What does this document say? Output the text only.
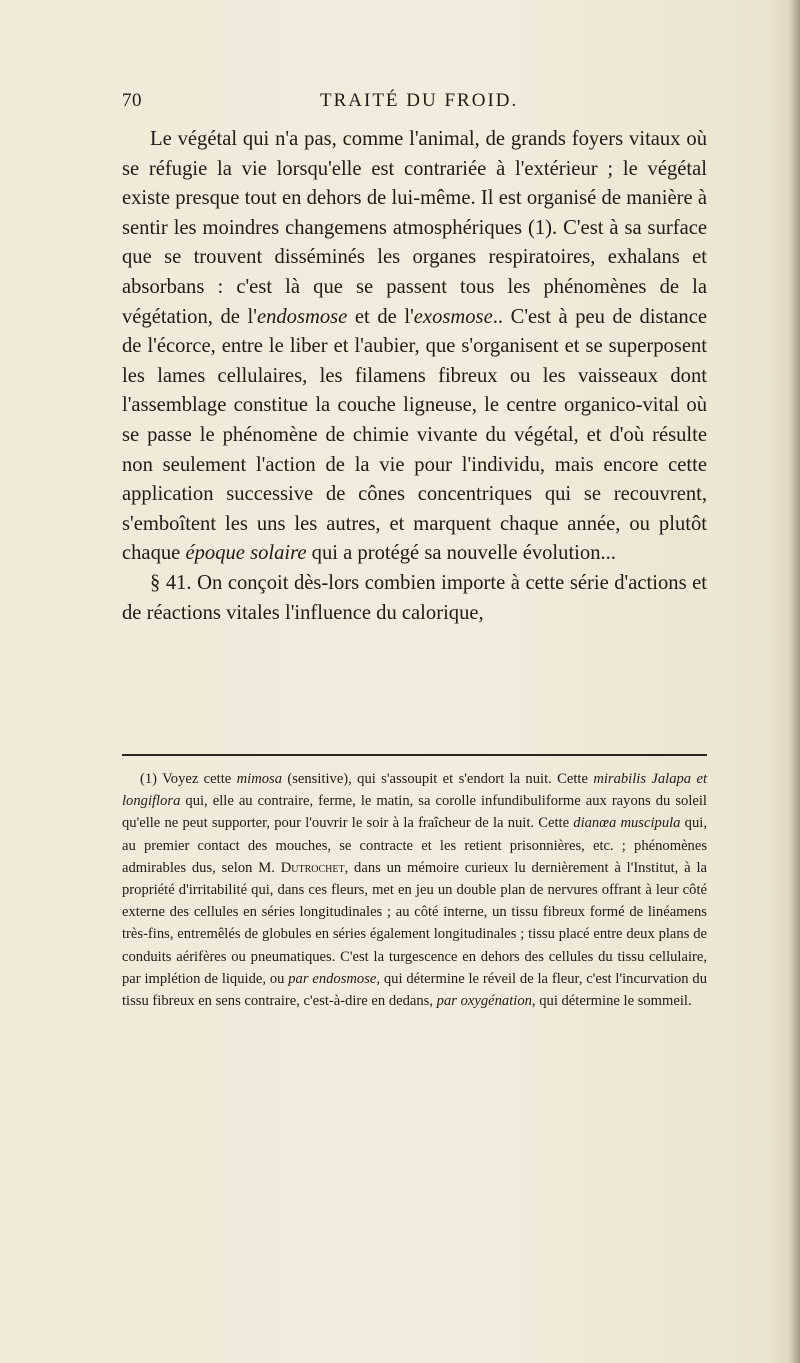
70	TRAITÉ DU FROID.

Le végétal qui n'a pas, comme l'animal, de grands foyers vitaux où se réfugie la vie lorsqu'elle est contrariée à l'extérieur ; le végétal existe presque tout en dehors de lui-même. Il est organisé de manière à sentir les moindres changemens atmosphériques (1). C'est à sa surface que se trouvent disséminés les organes respiratoires, exhalans et absorbans : c'est là que se passent tous les phénomènes de la végétation, de l'endosmose et de l'exosmose.. C'est à peu de distance de l'écorce, entre le liber et l'aubier, que s'organisent et se superposent les lames cellulaires, les filamens fibreux ou les vaisseaux dont l'assemblage constitue la couche ligneuse, le centre organico-vital où se passe le phénomène de chimie vivante du végétal, et d'où résulte non seulement l'action de la vie pour l'individu, mais encore cette application successive de cônes concentriques qui se recouvrent, s'emboîtent les uns les autres, et marquent chaque année, ou plutôt chaque époque solaire qui a protégé sa nouvelle évolution...

§ 41. On conçoit dès-lors combien importe à cette série d'actions et de réactions vitales l'influence du calorique,

(1) Voyez cette mimosa (sensitive), qui s'assoupit et s'endort la nuit. Cette mirabilis Jalapa et longiflora qui, elle au contraire, ferme, le matin, sa corolle infundibuliforme aux rayons du soleil qu'elle ne peut supporter, pour l'ouvrir le soir à la fraîcheur de la nuit. Cette dianœa muscipula qui, au premier contact des mouches, se contracte et les retient prisonnières, etc. ; phénomènes admirables dus, selon M. Dutrochet, dans un mémoire curieux lu dernièrement à l'Institut, à la propriété d'irritabilité qui, dans ces fleurs, met en jeu un double plan de nervures offrant à leur côté externe des cellules en séries longitudinales ; au côté interne, un tissu fibreux formé de linéamens très-fins, entremêlés de globules en séries également longitudinales ; tissu placé entre deux plans de conduits aérifères ou pneumatiques. C'est la turgescence en dehors des cellules du tissu cellulaire, par implétion de liquide, ou par endosmose, qui détermine le réveil de la fleur, c'est l'incurvation du tissu fibreux en sens contraire, c'est-à-dire en dedans, par oxygénation, qui détermine le sommeil.
